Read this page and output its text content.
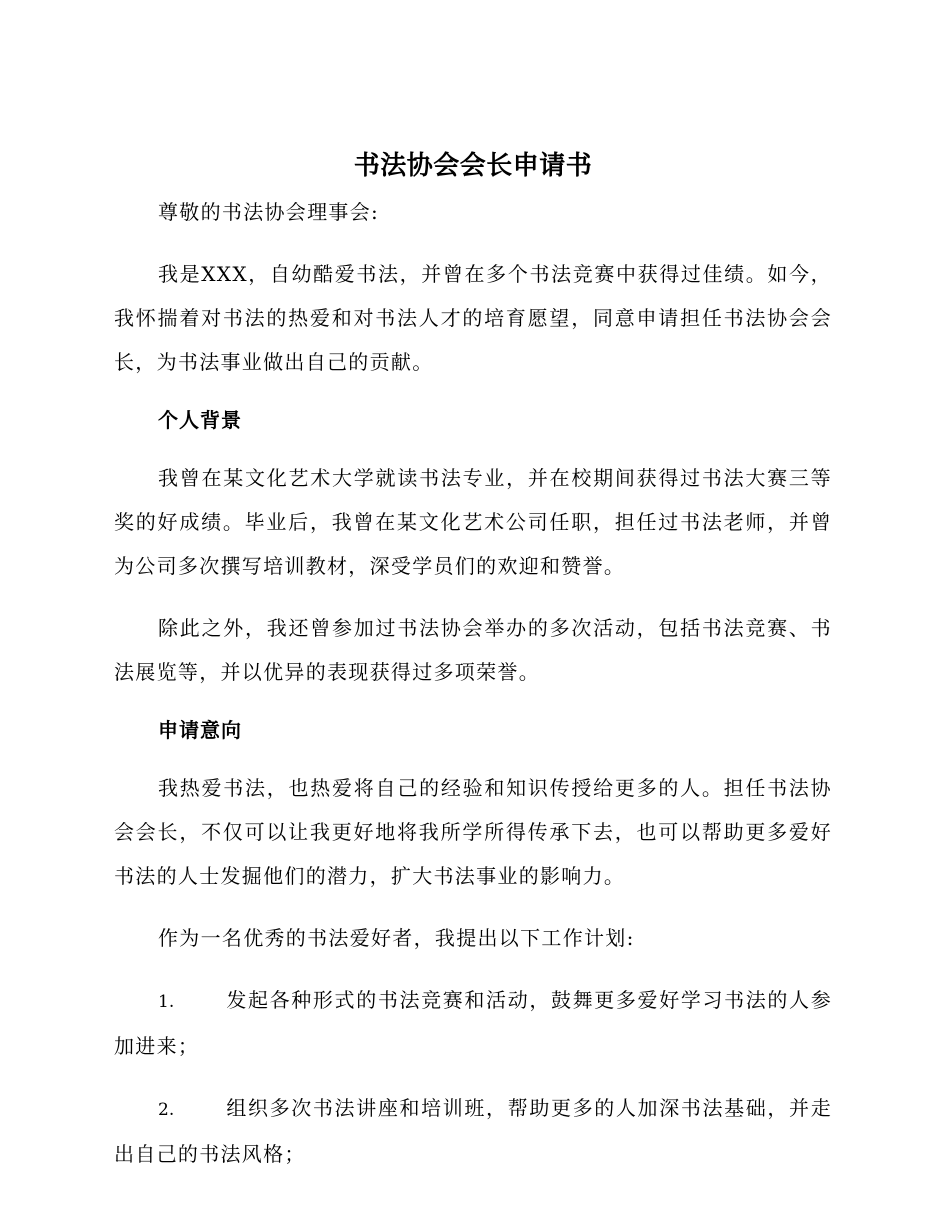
书法协会会长申请书

尊敬的书法协会理事会:

我是XXX，自幼酷爱书法，并曾在多个书法竞赛中获得过佳绩。如今，我怀揣着对书法的热爱和对书法人才的培育愿望，同意申请担任书法协会会长，为书法事业做出自己的贡献。

个人背景

我曾在某文化艺术大学就读书法专业，并在校期间获得过书法大赛三等奖的好成绩。毕业后，我曾在某文化艺术公司任职，担任过书法老师，并曾为公司多次撰写培训教材，深受学员们的欢迎和赞誉。

除此之外，我还曾参加过书法协会举办的多次活动，包括书法竞赛、书法展览等，并以优异的表现获得过多项荣誉。

申请意向

我热爱书法，也热爱将自己的经验和知识传授给更多的人。担任书法协会会长，不仅可以让我更好地将我所学所得传承下去，也可以帮助更多爱好书法的人士发掘他们的潜力，扩大书法事业的影响力。

作为一名优秀的书法爱好者，我提出以下工作计划:

1.	发起各种形式的书法竞赛和活动，鼓舞更多爱好学习书法的人参加进来；

2.	组织多次书法讲座和培训班，帮助更多的人加深书法基础，并走出自己的书法风格；
